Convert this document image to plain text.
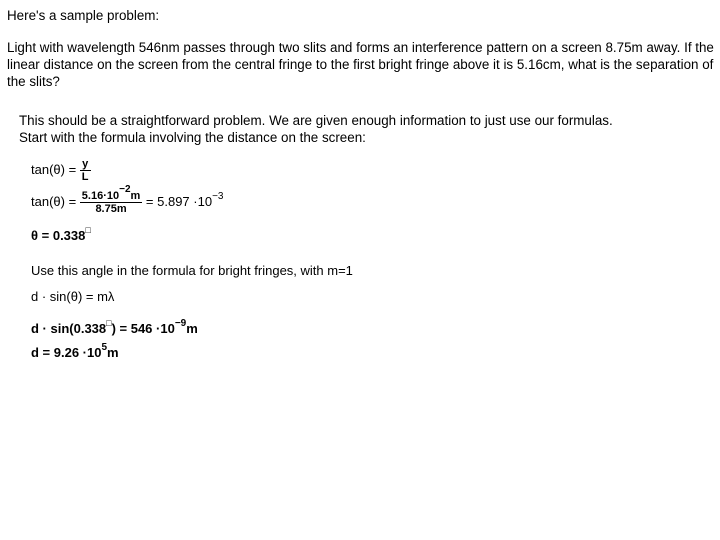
Here's a sample problem:
Light with wavelength 546nm passes through two slits and forms an interference pattern on a screen 8.75m away. If the linear distance on the screen from the central fringe to the first bright fringe above it is 5.16cm, what is the separation of the slits?
This should be a straightforward problem. We are given enough information to just use our formulas. Start with the formula involving the distance on the screen:
$\tan(\theta) = \frac{y}{L}$
$\tan(\theta) = \frac{5.16\cdot 10^{-2}m}{8.75m} = 5.897 \cdot 10^{-3}$
θ = 0.338□
Use this angle in the formula for bright fringes, with m=1
d · sin(θ) = mλ
$d \cdot \sin(0.338^□) = 546 \cdot 10^{-9}m$
$d = 9.26 \cdot 10^5m$
